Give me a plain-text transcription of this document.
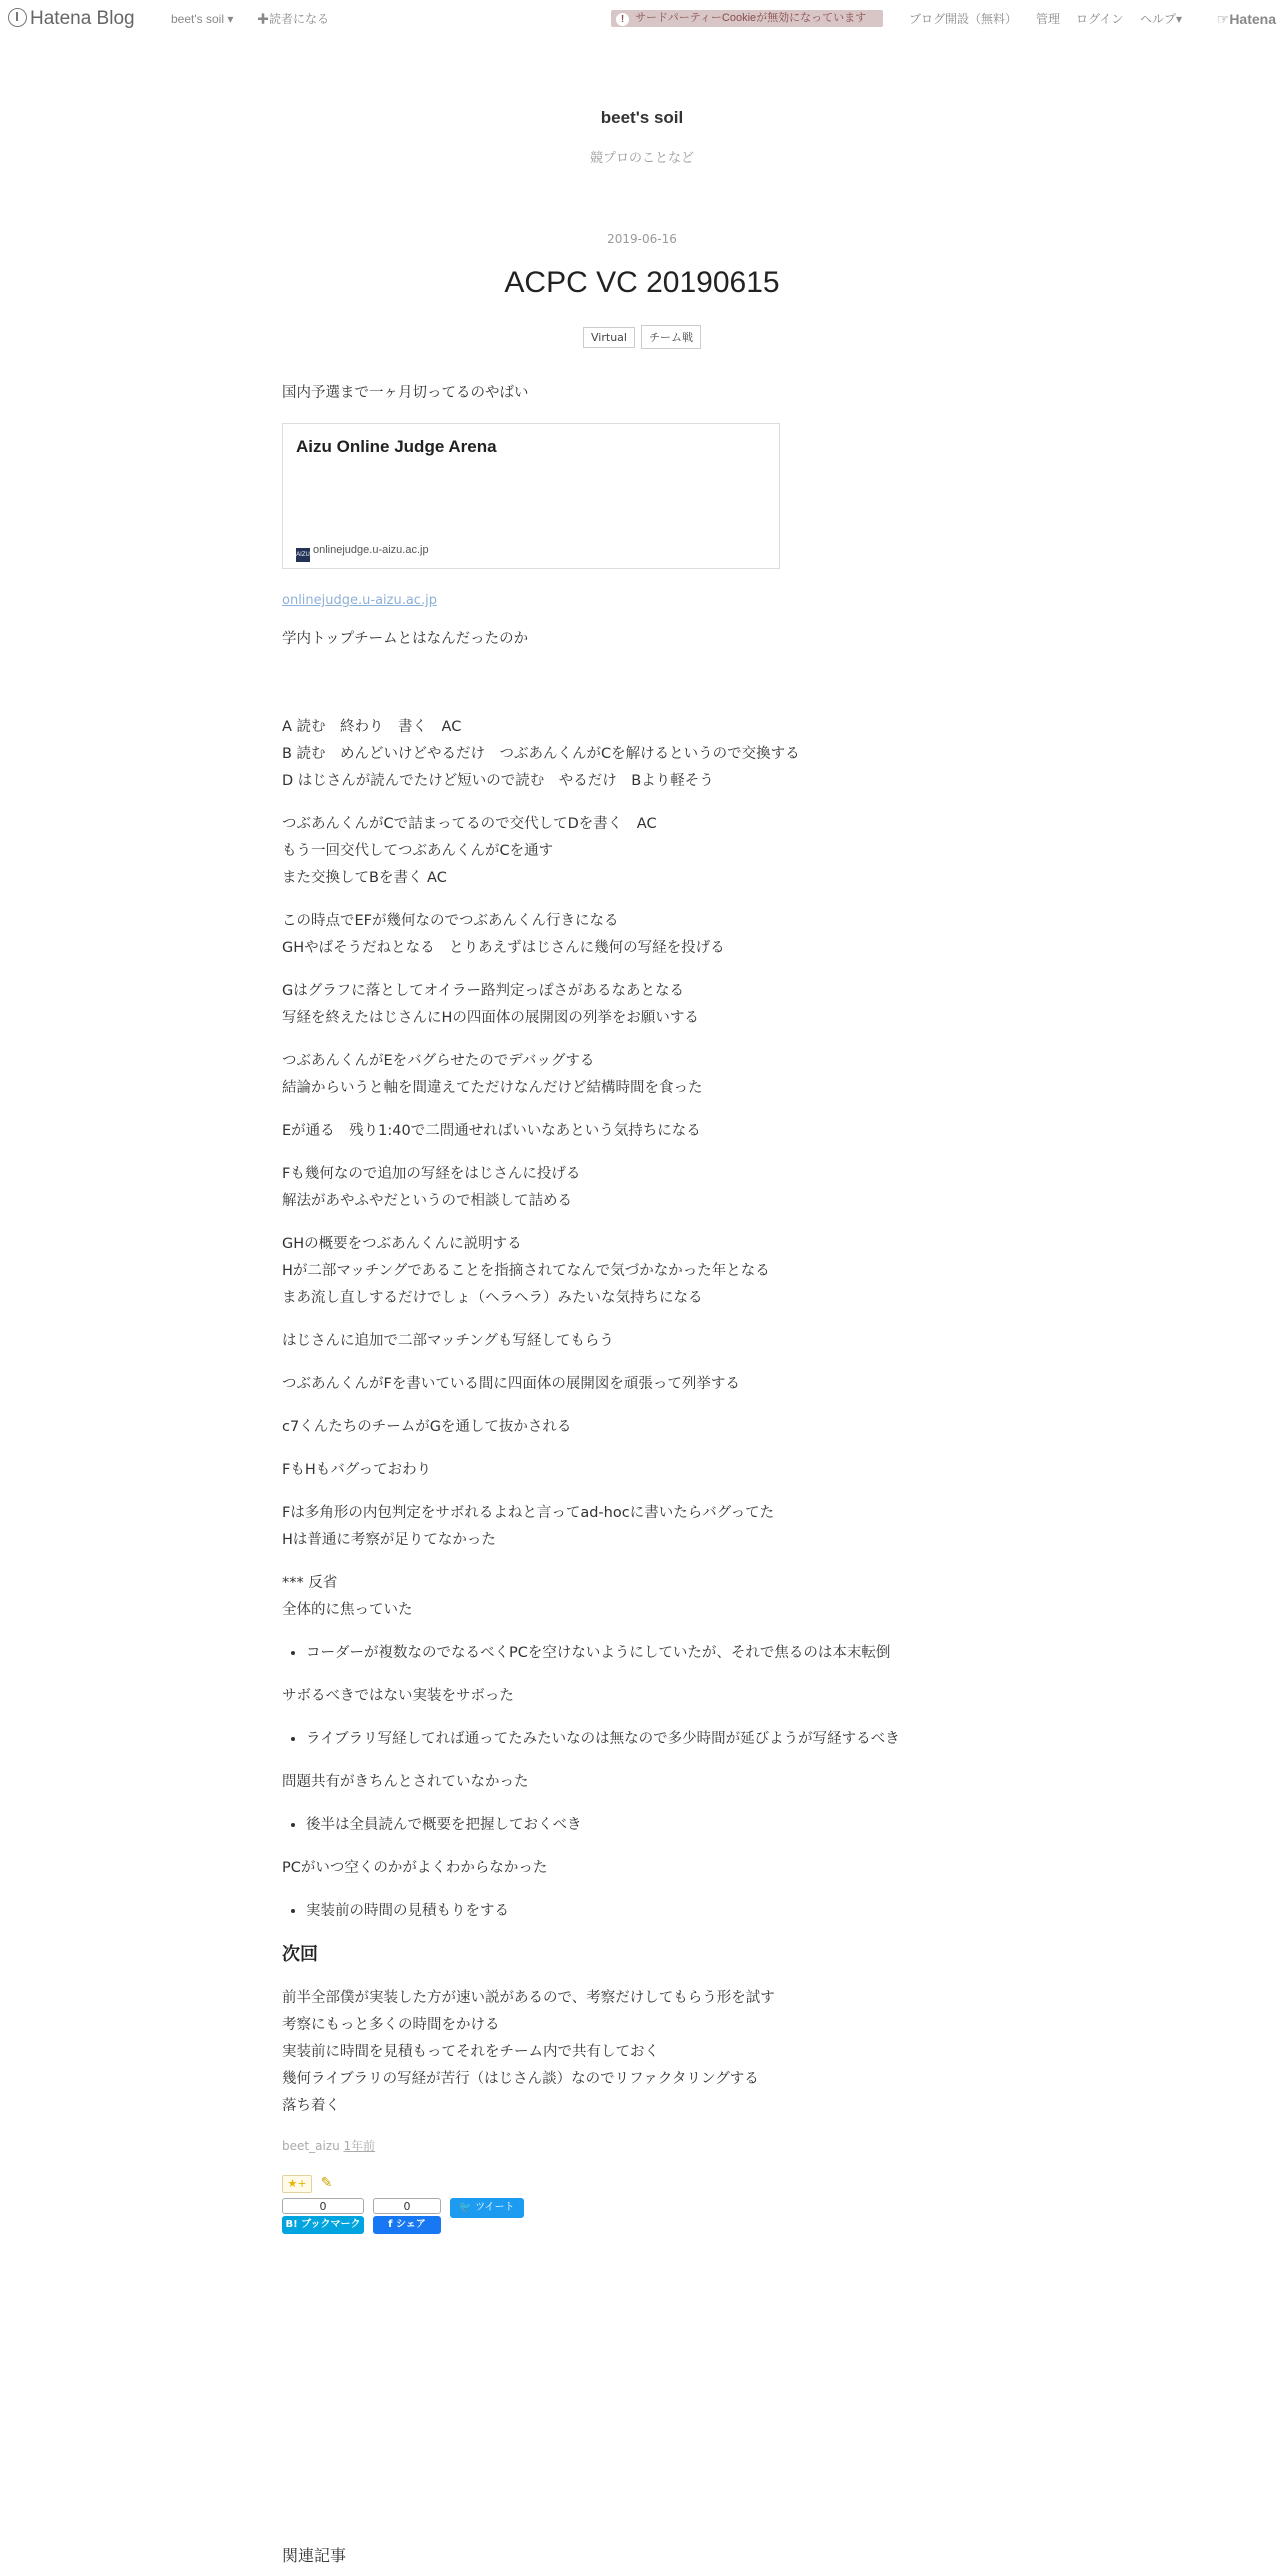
Hatena Blog	beet's soil ▾ ✚読者になる	! サードパーティーCookieが無効になっています	ブログ開設（無料） 管理 ログイン ヘルプ▾ ☞Hatena
beet's soil
競プロのことなど
2019-06-16
ACPC VC 20190615
Virtual チーム戦

国内予選まで一ヶ月切ってるのやばい

Aizu Online Judge Arena
AIZU onlinejudge.u-aizu.ac.jp

onlinejudge.u-aizu.ac.jp

学内トップチームとはなんだったのか

A 読む　終わり　書く　AC
B 読む　めんどいけどやるだけ　つぶあんくんがCを解けるというので交換する
D はじさんが読んでたけど短いので読む　やるだけ　Bより軽そう

つぶあんくんがCで詰まってるので交代してDを書く　AC
もう一回交代してつぶあんくんがCを通す
また交換してBを書く AC

この時点でEFが幾何なのでつぶあんくん行きになる
GHやばそうだねとなる　とりあえずはじさんに幾何の写経を投げる

Gはグラフに落としてオイラー路判定っぽさがあるなあとなる
写経を終えたはじさんにHの四面体の展開図の列挙をお願いする

つぶあんくんがEをバグらせたのでデバッグする
結論からいうと軸を間違えてただけなんだけど結構時間を食った

Eが通る　残り1:40で二問通せればいいなあという気持ちになる

Fも幾何なので追加の写経をはじさんに投げる
解法があやふやだというので相談して詰める

GHの概要をつぶあんくんに説明する
Hが二部マッチングであることを指摘されてなんで気づかなかった年となる
まあ流し直しするだけでしょ（ヘラヘラ）みたいな気持ちになる

はじさんに追加で二部マッチングも写経してもらう

つぶあんくんがFを書いている間に四面体の展開図を頑張って列挙する

c7くんたちのチームがGを通して抜かされる

FもHもバグっておわり

Fは多角形の内包判定をサボれるよねと言ってad-hocに書いたらバグってた
Hは普通に考察が足りてなかった

*** 反省
全体的に焦っていた

• コーダーが複数なのでなるべくPCを空けないようにしていたが、それで焦るのは本末転倒

サボるべきではない実装をサボった

• ライブラリ写経してれば通ってたみたいなのは無なので多少時間が延びようが写経するべき

問題共有がきちんとされていなかった

• 後半は全員読んで概要を把握しておくべき

PCがいつ空くのかがよくわからなかった

• 実装前の時間の見積もりをする
次回

前半全部僕が実装した方が速い説があるので、考察だけしてもらう形を試す
考察にもっと多くの時間をかける
実装前に時間を見積もってそれをチーム内で共有しておく
幾何ライブラリの写経が苦行（はじさん談）なのでリファクタリングする
落ち着く

beet_aizu 1年前
★+ ✎
0
B! ブックマーク
0
f シェア
🐦 ツイート
関連記事
